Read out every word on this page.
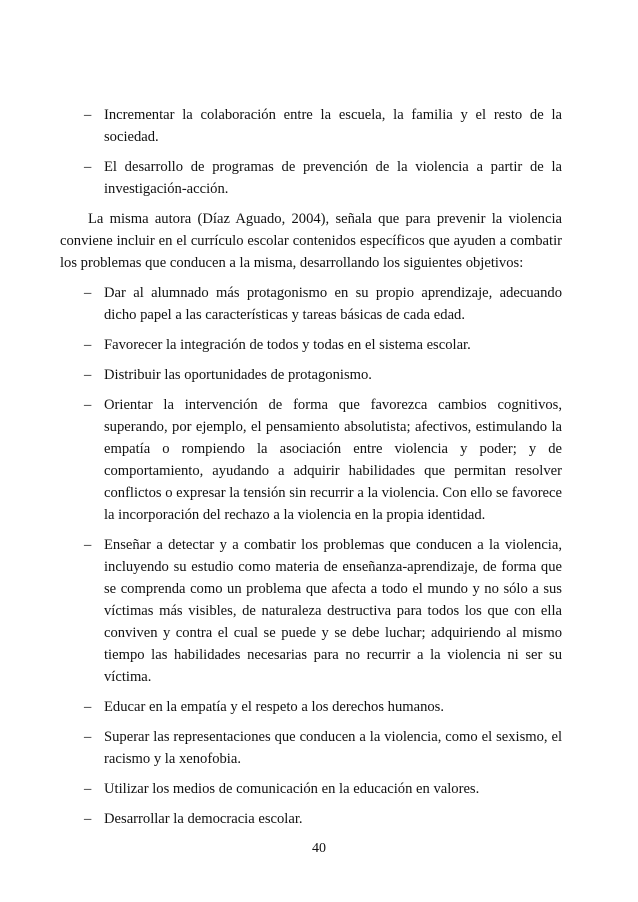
– Incrementar la colaboración entre la escuela, la familia y el resto de la sociedad.
– El desarrollo de programas de prevención de la violencia a partir de la investigación-acción.

La misma autora (Díaz Aguado, 2004), señala que para prevenir la violencia conviene incluir en el currículo escolar contenidos específicos que ayuden a combatir los problemas que conducen a la misma, desarrollando los siguientes objetivos:

– Dar al alumnado más protagonismo en su propio aprendizaje, adecuando dicho papel a las características y tareas básicas de cada edad.
– Favorecer la integración de todos y todas en el sistema escolar.
– Distribuir las oportunidades de protagonismo.
– Orientar la intervención de forma que favorezca cambios cognitivos, superando, por ejemplo, el pensamiento absolutista; afectivos, estimulando la empatía o rompiendo la asociación entre violencia y poder; y de comportamiento, ayudando a adquirir habilidades que permitan resolver conflictos o expresar la tensión sin recurrir a la violencia. Con ello se favorece la incorporación del rechazo a la violencia en la propia identidad.
– Enseñar a detectar y a combatir los problemas que conducen a la violencia, incluyendo su estudio como materia de enseñanza-aprendizaje, de forma que se comprenda como un problema que afecta a todo el mundo y no sólo a sus víctimas más visibles, de naturaleza destructiva para todos los que con ella conviven y contra el cual se puede y se debe luchar; adquiriendo al mismo tiempo las habilidades necesarias para no recurrir a la violencia ni ser su víctima.
– Educar en la empatía y el respeto a los derechos humanos.
– Superar las representaciones que conducen a la violencia, como el sexismo, el racismo y la xenofobia.
– Utilizar los medios de comunicación en la educación en valores.
– Desarrollar la democracia escolar.
40
